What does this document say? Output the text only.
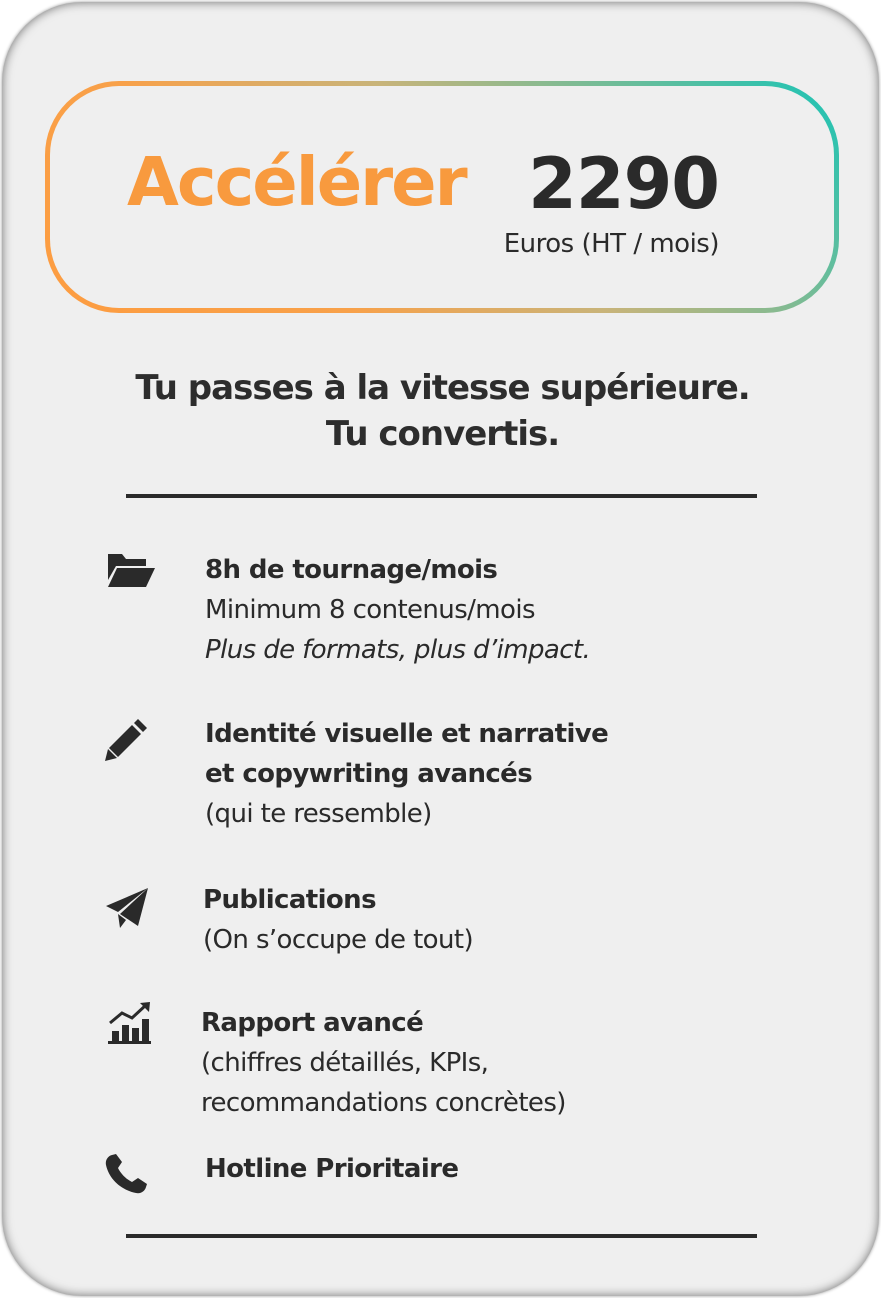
Accélérer 2290
Euros (HT / mois)
Tu passes à la vitesse supérieure.
Tu convertis.
8h de tournage/mois
Minimum 8 contenus/mois
Plus de formats, plus d’impact.
Identité visuelle et narrative
et copywriting avancés
(qui te ressemble)
Publications
(On s’occupe de tout)
Rapport avancé
(chiffres détaillés, KPIs,
recommandations concrètes)
Hotline Prioritaire
